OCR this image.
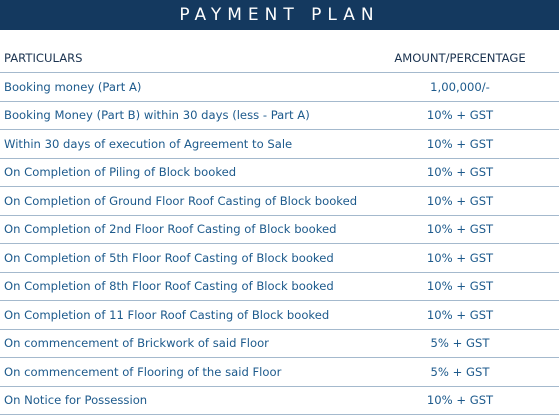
PAYMENT PLAN
PARTICULARS	AMOUNT/PERCENTAGE
Booking money (Part A)	1,00,000/-
Booking Money (Part B) within 30 days (less - Part A)	10% + GST
Within 30 days of execution of Agreement to Sale	10% + GST
On Completion of Piling of Block booked	10% + GST
On Completion of Ground Floor Roof Casting of Block booked	10% + GST
On Completion of 2nd Floor Roof Casting of Block booked	10% + GST
On Completion of 5th Floor Roof Casting of Block booked	10% + GST
On Completion of 8th Floor Roof Casting of Block booked	10% + GST
On Completion of 11 Floor Roof Casting of Block booked	10% + GST
On commencement of Brickwork of said Floor	5% + GST
On commencement of Flooring of the said Floor	5% + GST
On Notice for Possession	10% + GST
